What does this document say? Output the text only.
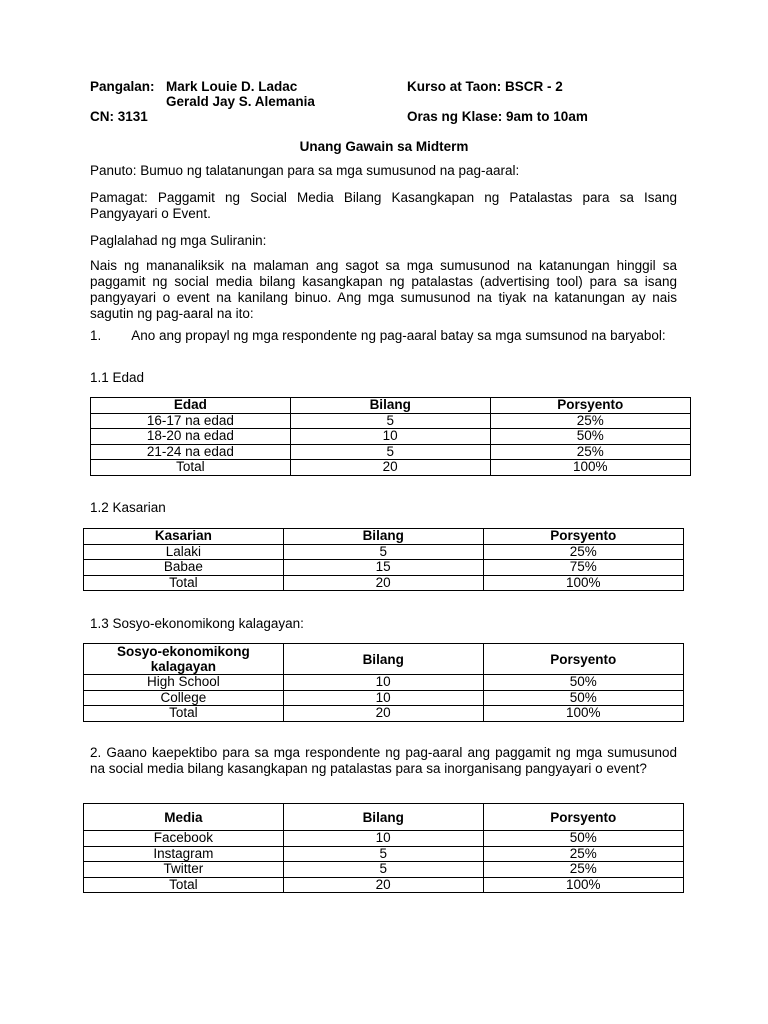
Pangalan: Mark Louie D. Ladac
Gerald Jay S. Alemania
CN: 3131
Kurso at Taon: BSCR - 2
Oras ng Klase: 9am to 10am
Unang Gawain sa Midterm
Panuto: Bumuo ng talatanungan para sa mga sumusunod na pag-aaral:
Pamagat: Paggamit ng Social Media Bilang Kasangkapan ng Patalastas para sa Isang Pangyayari o Event.
Paglalahad ng mga Suliranin:
Nais ng mananaliksik na malaman ang sagot sa mga sumusunod na katanungan hinggil sa paggamit ng social media bilang kasangkapan ng patalastas (advertising tool) para sa isang pangyayari o event na kanilang binuo. Ang mga sumusunod na tiyak na katanungan ay nais sagutin ng pag-aaral na ito:
1. Ano ang propayl ng mga respondente ng pag-aaral batay sa mga sumsunod na baryabol:
1.1 Edad
Edad	Bilang	Porsyento
16-17 na edad	5	25%
18-20 na edad	10	50%
21-24 na edad	5	25%
Total	20	100%
1.2 Kasarian
Kasarian	Bilang	Porsyento
Lalaki	5	25%
Babae	15	75%
Total	20	100%
1.3 Sosyo-ekonomikong kalagayan:
Sosyo-ekonomikong kalagayan	Bilang	Porsyento
High School	10	50%
College	10	50%
Total	20	100%
2. Gaano kaepektibo para sa mga respondente ng pag-aaral ang paggamit ng mga sumusunod na social media bilang kasangkapan ng patalastas para sa inorganisang pangyayari o event?
Media	Bilang	Porsyento
Facebook	10	50%
Instagram	5	25%
Twitter	5	25%
Total	20	100%
